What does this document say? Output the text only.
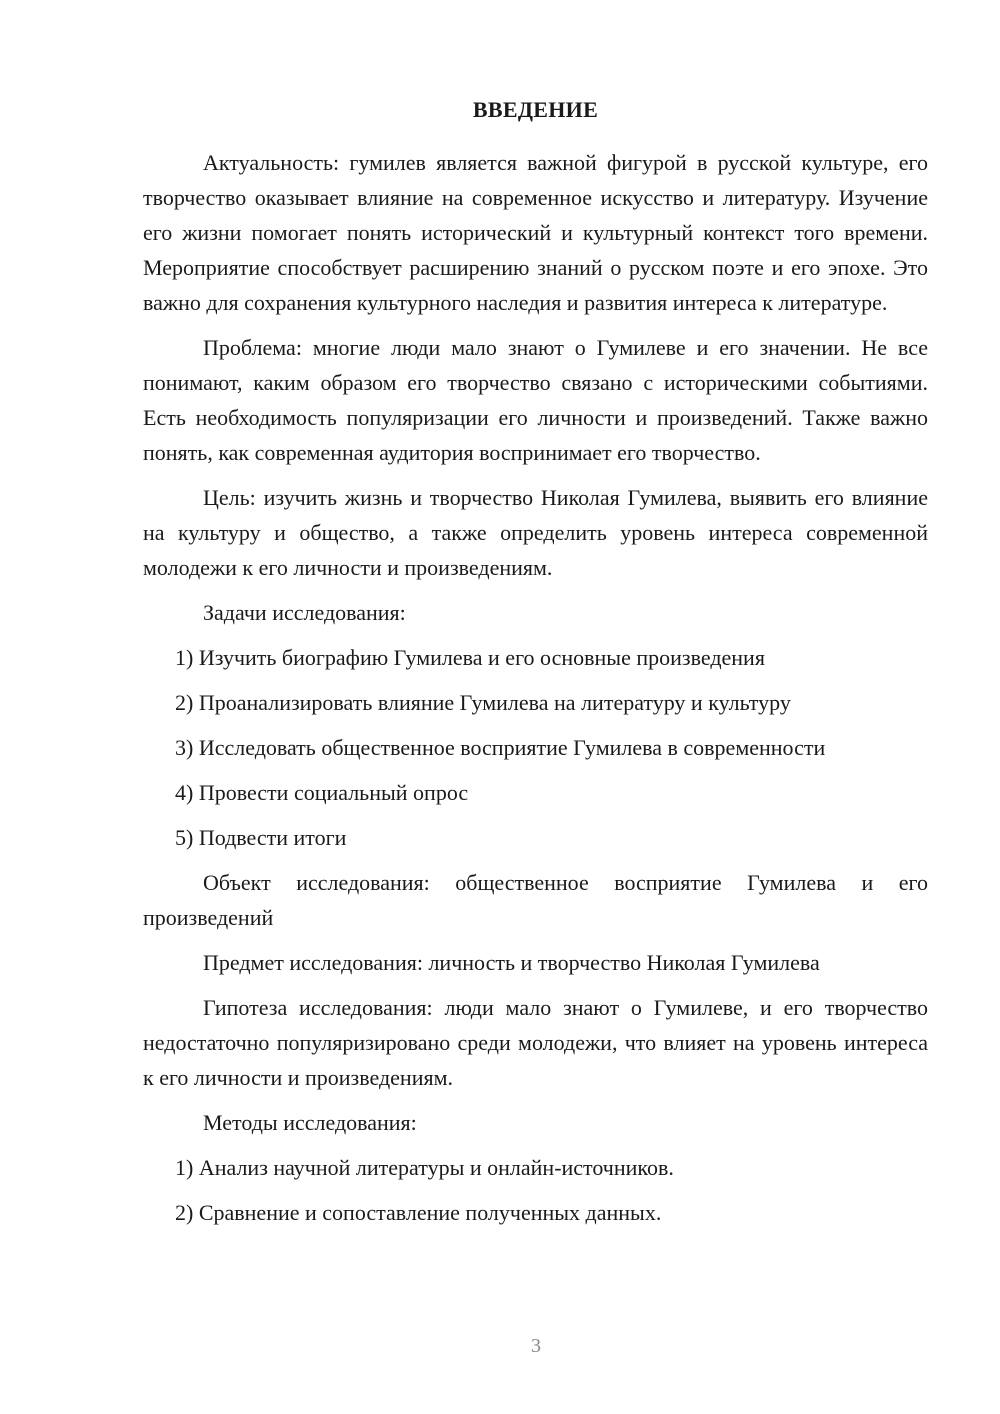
ВВЕДЕНИЕ

Актуальность: гумилев является важной фигурой в русской культуре, его творчество оказывает влияние на современное искусство и литературу. Изучение его жизни помогает понять исторический и культурный контекст того времени. Мероприятие способствует расширению знаний о русском поэте и его эпохе. Это важно для сохранения культурного наследия и развития интереса к литературе.

Проблема: многие люди мало знают о Гумилеве и его значении. Не все понимают, каким образом его творчество связано с историческими событиями. Есть необходимость популяризации его личности и произведений. Также важно понять, как современная аудитория воспринимает его творчество.

Цель: изучить жизнь и творчество Николая Гумилева, выявить его влияние на культуру и общество, а также определить уровень интереса современной молодежи к его личности и произведениям.

Задачи исследования:

1) Изучить биографию Гумилева и его основные произведения

2) Проанализировать влияние Гумилева на литературу и культуру

3) Исследовать общественное восприятие Гумилева в современности

4) Провести социальный опрос

5) Подвести итоги

Объект исследования: общественное восприятие Гумилева и его произведений

Предмет исследования: личность и творчество Николая Гумилева

Гипотеза исследования: люди мало знают о Гумилеве, и его творчество недостаточно популяризировано среди молодежи, что влияет на уровень интереса к его личности и произведениям.

Методы исследования:

1) Анализ научной литературы и онлайн-источников.

2) Сравнение и сопоставление полученных данных.

3
